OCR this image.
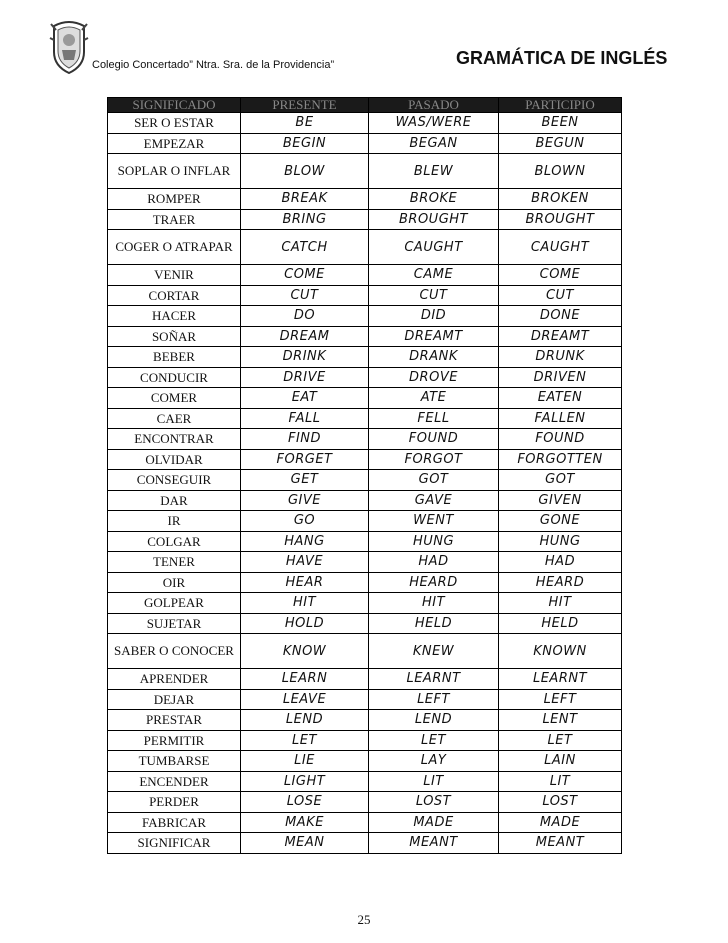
Colegio Concertado” Ntra. Sra. de la Providencia”	GRAMÁTICA DE INGLÉS
SIGNIFICADO	PRESENTE	PASADO	PARTICIPIO
SER O ESTAR	BE	WAS/WERE	BEEN
EMPEZAR	BEGIN	BEGAN	BEGUN
SOPLAR O INFLAR	BLOW	BLEW	BLOWN
ROMPER	BREAK	BROKE	BROKEN
TRAER	BRING	BROUGHT	BROUGHT
COGER O ATRAPAR	CATCH	CAUGHT	CAUGHT
VENIR	COME	CAME	COME
CORTAR	CUT	CUT	CUT
HACER	DO	DID	DONE
SOÑAR	DREAM	DREAMT	DREAMT
BEBER	DRINK	DRANK	DRUNK
CONDUCIR	DRIVE	DROVE	DRIVEN
COMER	EAT	ATE	EATEN
CAER	FALL	FELL	FALLEN
ENCONTRAR	FIND	FOUND	FOUND
OLVIDAR	FORGET	FORGOT	FORGOTTEN
CONSEGUIR	GET	GOT	GOT
DAR	GIVE	GAVE	GIVEN
IR	GO	WENT	GONE
COLGAR	HANG	HUNG	HUNG
TENER	HAVE	HAD	HAD
OIR	HEAR	HEARD	HEARD
GOLPEAR	HIT	HIT	HIT
SUJETAR	HOLD	HELD	HELD
SABER O CONOCER	KNOW	KNEW	KNOWN
APRENDER	LEARN	LEARNT	LEARNT
DEJAR	LEAVE	LEFT	LEFT
PRESTAR	LEND	LEND	LENT
PERMITIR	LET	LET	LET
TUMBARSE	LIE	LAY	LAIN
ENCENDER	LIGHT	LIT	LIT
PERDER	LOSE	LOST	LOST
FABRICAR	MAKE	MADE	MADE
SIGNIFICAR	MEAN	MEANT	MEANT
25
